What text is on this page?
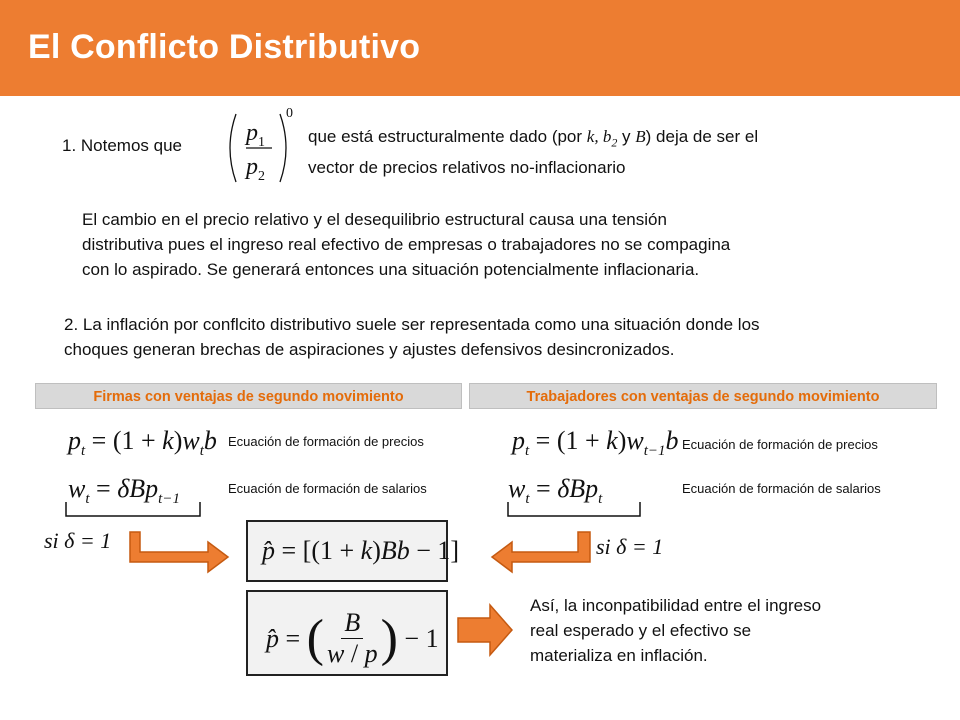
El Conflicto Distributivo
1. Notemos que	$p_1$
$p_2$
0
que está estructuralmente dado (por k, $b_2$ y B) deja de ser el
vector de precios relativos no-inflacionario
El cambio en el precio relativo y el desequilibrio estructural causa una tensión
distributiva pues el ingreso real efectivo de empresas o trabajadores no se compagina
con lo aspirado. Se generará entonces una situación potencialmente inflacionaria.
2. La inflación por conflcito distributivo suele ser representada como una situación donde los
choques generan brechas de aspiraciones y ajustes defensivos desincronizados.
Firmas con ventajas de segundo movimiento	Trabajadores con ventajas de segundo movimiento
$p_t = (1 + k)w_tb$ Ecuación de formación de precios
$w_t = \delta Bp_{t-1}$
Ecuación de formación de salarios
$p_t = (1 + k)w_{t-1}b$ Ecuación de formación de precios
$w_t = \delta Bp_t$
Ecuación de formación de salarios
si δ = 1	si δ = 1
p̂ = [(1 + k)Bb − 1]
p̂ = ( $\frac{B}{w / p}$ ) − 1
Así, la inconpatibilidad entre el ingreso
real esperado y el efectivo se
materializa en inflación.
